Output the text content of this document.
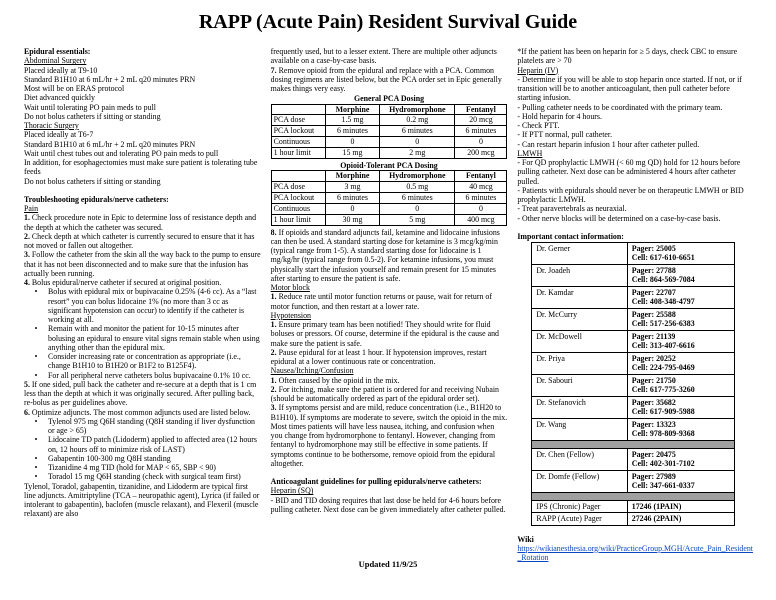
RAPP (Acute Pain) Resident Survival Guide
Epidural essentials:
Abdominal Surgery
Placed ideally at T9-10
Standard B1H10 at 6 mL/hr + 2 mL q20 minutes PRN
Most will be on ERAS protocol
Diet advanced quickly
Wait until tolerating PO pain meds to pull
Do not bolus catheters if sitting or standing
Thoracic Surgery
Placed ideally at T6-7
Standard B1H10 at 6 mL/hr + 2 mL q20 minutes PRN
Wait until chest tubes out and tolerating PO pain meds to pull
In addition, for esophagectomies must make sure patient is tolerating tube feeds
Do not bolus catheters if sitting or standing
Troubleshooting epidurals/nerve catheters:
Pain
1. Check procedure note in Epic to determine loss of resistance depth and the depth at which the catheter was secured.
2. Check depth at which catheter is currently secured to ensure that it has not moved or fallen out altogether.
3. Follow the catheter from the skin all the way back to the pump to ensure that it has not been disconnected and to make sure that the infusion has actually been running.
4. Bolus epidural/nerve catheter if secured at original position.
•	Bolus with epidural mix or bupivacaine 0.25% (4-6 cc). As a “last resort” you can bolus lidocaine 1% (no more than 3 cc as significant hypotension can occur) to identify if the catheter is working at all.
•	Remain with and monitor the patient for 10-15 minutes after bolusing an epidural to ensure vital signs remain stable when using anything other than the epidural mix.
•	Consider increasing rate or concentration as appropriate (i.e., change B1H10 to B1H20 or B1F2 to B125F4).
•	For all peripheral nerve catheters bolus bupivacaine 0.1% 10 cc.
5. If one sided, pull back the catheter and re-secure at a depth that is 1 cm less than the depth at which it was originally secured. After pulling back, re-bolus as per guidelines above.
6. Optimize adjuncts. The most common adjuncts used are listed below.
•	Tylenol 975 mg Q6H standing (Q8H standing if liver dysfunction or age > 65)
•	Lidocaine TD patch (Lidoderm) applied to affected area (12 hours on, 12 hours off to minimize risk of LAST)
•	Gabapentin 100-300 mg Q8H standing
•	Tizanidine 4 mg TID (hold for MAP < 65, SBP < 90)
•	Toradol 15 mg Q6H standing (check with surgical team first)
Tylenol, Toradol, gabapentin, tizanidine, and Lidoderm are typical first line adjuncts. Amitriptyline (TCA – neuropathic agent), Lyrica (if failed or intolerant to gabapentin), baclofen (muscle relaxant), and Flexeril (muscle relaxant) are also
frequently used, but to a lesser extent. There are multiple other adjuncts available on a case-by-case basis.
7. Remove opioid from the epidural and replace with a PCA. Common dosing regimens are listed below, but the PCA order set in Epic generally makes things very easy.
General PCA Dosing
	Morphine	Hydromorphone	Fentanyl
PCA dose	1.5 mg	0.2 mg	20 mcg
PCA lockout	6 minutes	6 minutes	6 minutes
Continuous	0	0	0
1 hour limit	15 mg	2 mg	200 mcg
Opioid-Tolerant PCA Dosing
	Morphine	Hydromorphone	Fentanyl
PCA dose	3 mg	0.5 mg	40 mcg
PCA lockout	6 minutes	6 minutes	6 minutes
Continuous	0	0	0
1 hour limit	30 mg	5 mg	400 mcg
8. If opioids and standard adjuncts fail, ketamine and lidocaine infusions can then be used. A standard starting dose for ketamine is 3 mcg/kg/min (typical range from 1-5). A standard starting dose for lidocaine is 1 mg/kg/hr (typical range from 0.5-2). For ketamine infusions, you must physically start the infusion yourself and remain present for 15 minutes after starting to ensure the patient is safe.
Motor block
1. Reduce rate until motor function returns or pause, wait for return of motor function, and then restart at a lower rate.
Hypotension
1. Ensure primary team has been notified! They should write for fluid boluses or pressors. Of course, determine if the epidural is the cause and make sure the patient is safe.
2. Pause epidural for at least 1 hour. If hypotension improves, restart epidural at a lower continuous rate or concentration.
Nausea/Itching/Confusion
1. Often caused by the opioid in the mix.
2. For itching, make sure the patient is ordered for and receiving Nubain (should be automatically ordered as part of the epidural order set).
3. If symptoms persist and are mild, reduce concentration (i.e., B1H20 to B1H10). If symptoms are moderate to severe, switch the opioid in the mix. Most times patients will have less nausea, itching, and confusion when you change from hydromorphone to fentanyl. However, changing from fentanyl to hydromorphone may still be effective in some patients. If symptoms continue to be bothersome, remove opioid from the epidural altogether.
Anticoagulant guidelines for pulling epidurals/nerve catheters:
Heparin (SQ)
- BID and TID dosing requires that last dose be held for 4-6 hours before pulling catheter. Next dose can be given immediately after catheter pulled.
*If the patient has been on heparin for ≥ 5 days, check CBC to ensure platelets are > 70
Heparin (IV)
- Determine if you will be able to stop heparin once started. If not, or if transition will be to another anticoagulant, then pull catheter before starting infusion.
- Pulling catheter needs to be coordinated with the primary team.
- Hold heparin for 4 hours.
- Check PTT.
- If PTT normal, pull catheter.
- Can restart heparin infusion 1 hour after catheter pulled.
LMWH
- For QD prophylactic LMWH (< 60 mg QD) hold for 12 hours before pulling catheter. Next dose can be administered 4 hours after catheter pulled.
- Patients with epidurals should never be on therapeutic LMWH or BID prophylactic LMWH.
- Treat paravertebrals as neuraxial.
- Other nerve blocks will be determined on a case-by-case basis.
Important contact information:
Dr. Gerner	Pager: 25005
Cell: 617-610-6651

Dr. Joadeh	Pager: 27788
Cell: 864-569-7084

Dr. Kamdar	Pager: 22707
Cell: 408-348-4797

Dr. McCurry	Pager: 25588
Cell: 517-256-6383

Dr. McDowell	Pager: 21139
Cell: 313-407-6616

Dr. Priya	Pager: 20252
Cell: 224-795-0469

Dr. Sabouri	Pager: 21750
Cell: 617-775-3260

Dr. Stefanovich	Pager: 35682
Cell: 617-909-5988

Dr. Wang	Pager: 13323
Cell: 978-809-9368

Dr. Chen (Fellow)	Pager: 20475
Cell: 402-301-7102

Dr. Domfe (Fellow)	Pager: 27989
Cell: 347-661-0337

IPS (Chronic) Pager	17246 (1PAIN)

RAPP (Acute) Pager	27246 (2PAIN)
Wiki
https://wikianesthesia.org/wiki/PracticeGroup.MGH/Acute_Pain_Resident_Rotation
Updated 11/9/25
